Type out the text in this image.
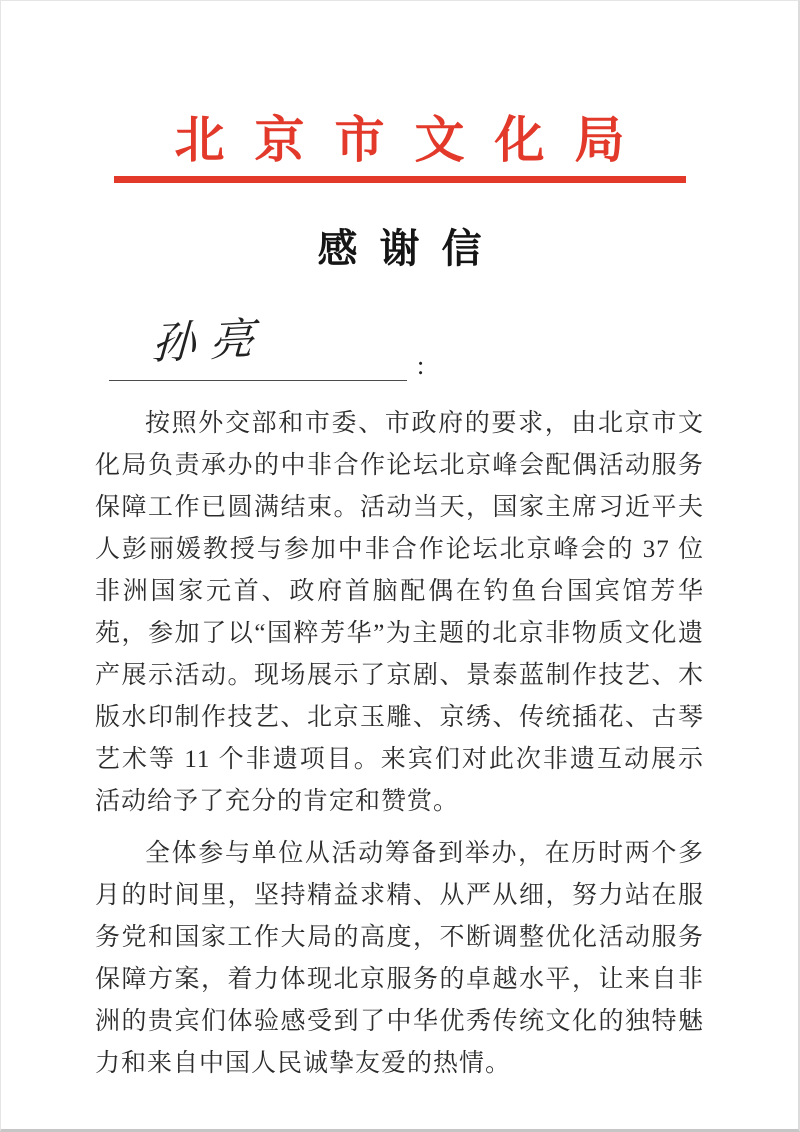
北京市文化局
感谢信
孙亮	:

按照外交部和市委、市政府的要求，由北京市文化局负责承办的中非合作论坛北京峰会配偶活动服务保障工作已圆满结束。活动当天，国家主席习近平夫人彭丽媛教授与参加中非合作论坛北京峰会的 37 位非洲国家元首、政府首脑配偶在钓鱼台国宾馆芳华苑，参加了以“国粹芳华”为主题的北京非物质文化遗产展示活动。现场展示了京剧、景泰蓝制作技艺、木版水印制作技艺、北京玉雕、京绣、传统插花、古琴艺术等 11 个非遗项目。来宾们对此次非遗互动展示活动给予了充分的肯定和赞赏。

全体参与单位从活动筹备到举办，在历时两个多月的时间里，坚持精益求精、从严从细，努力站在服务党和国家工作大局的高度，不断调整优化活动服务保障方案，着力体现北京服务的卓越水平，让来自非洲的贵宾们体验感受到了中华优秀传统文化的独特魅力和来自中国人民诚挚友爱的热情。
